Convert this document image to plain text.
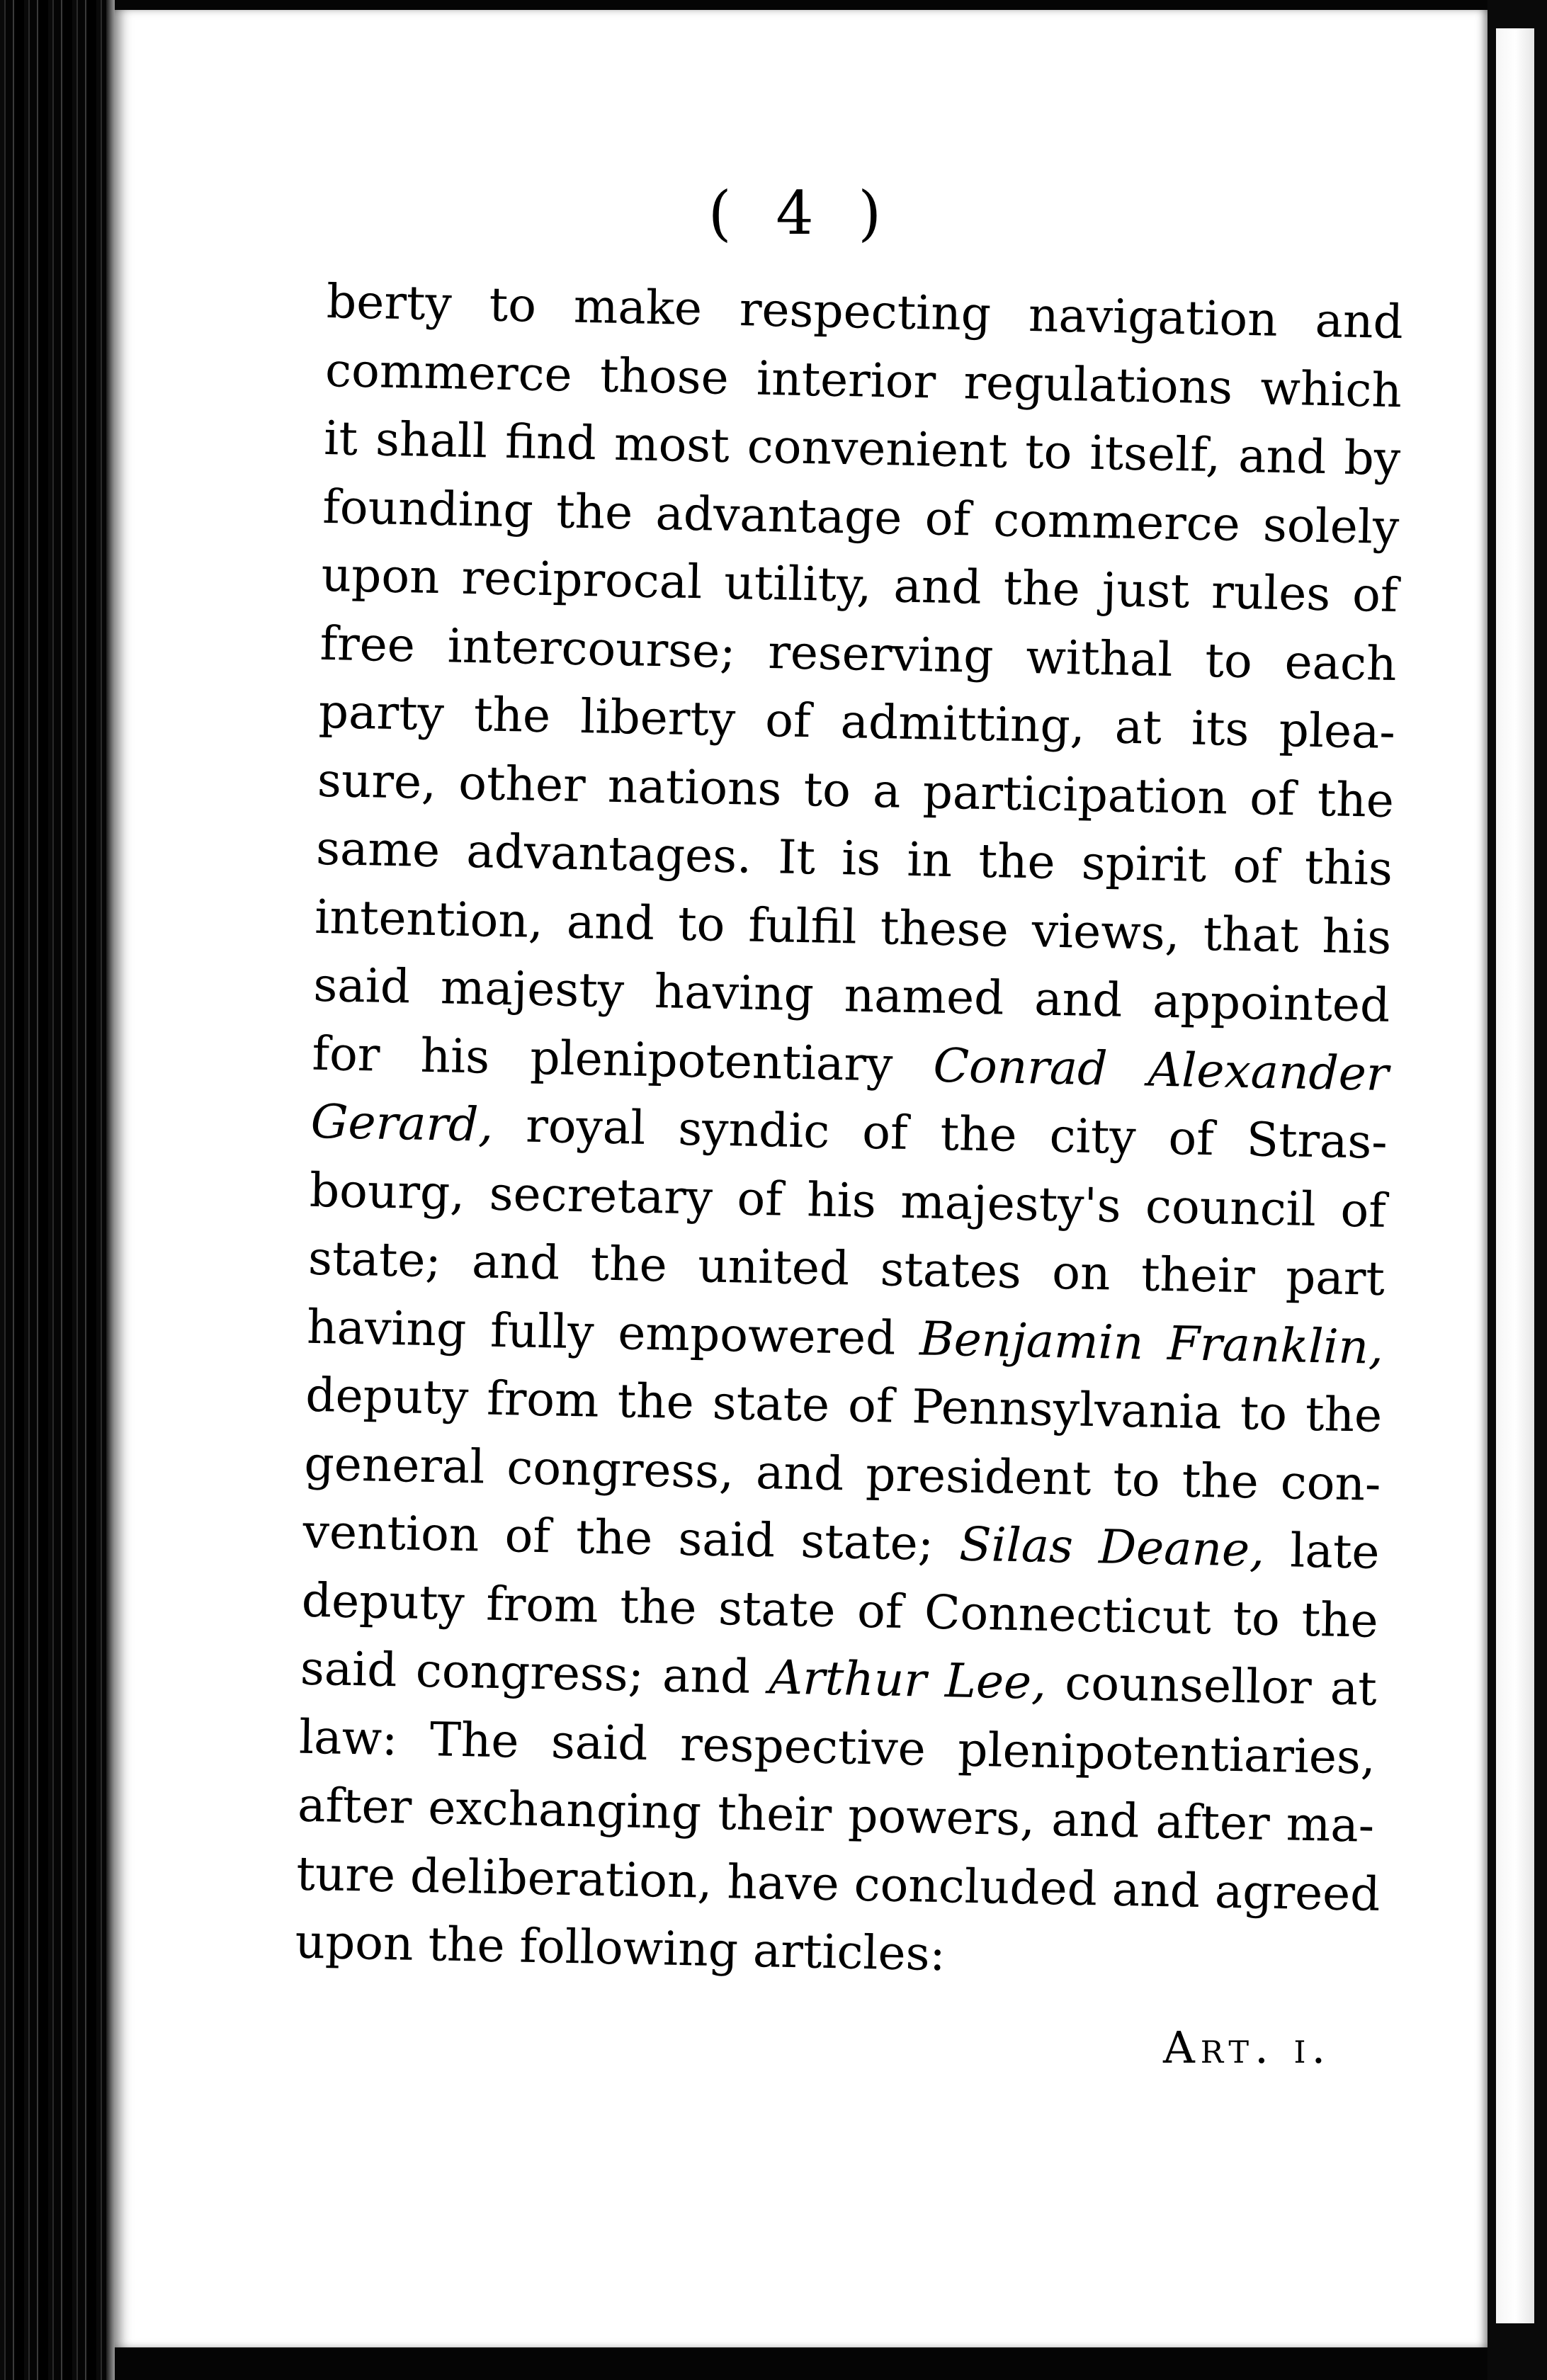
( 4 )
berty to make respecting navigation and
commerce those interior regulations which
it shall find most convenient to itself, and by
founding the advantage of commerce solely
upon reciprocal utility, and the just rules of
free intercourse; reserving withal to each
party the liberty of admitting, at its plea-
sure, other nations to a participation of the
same advantages. It is in the spirit of this
intention, and to fulfil these views, that his
said majesty having named and appointed
for his plenipotentiary Conrad Alexander
Gerard, royal syndic of the city of Stras-
bourg, secretary of his majesty's council of
state; and the united states on their part
having fully empowered Benjamin Franklin,
deputy from the state of Pennsylvania to the
general congress, and president to the con-
vention of the said state; Silas Deane, late
deputy from the state of Connecticut to the
said congress; and Arthur Lee, counsellor at
law: The said respective plenipotentiaries,
after exchanging their powers, and after ma-
ture deliberation, have concluded and agreed
upon the following articles:
Art. i.
